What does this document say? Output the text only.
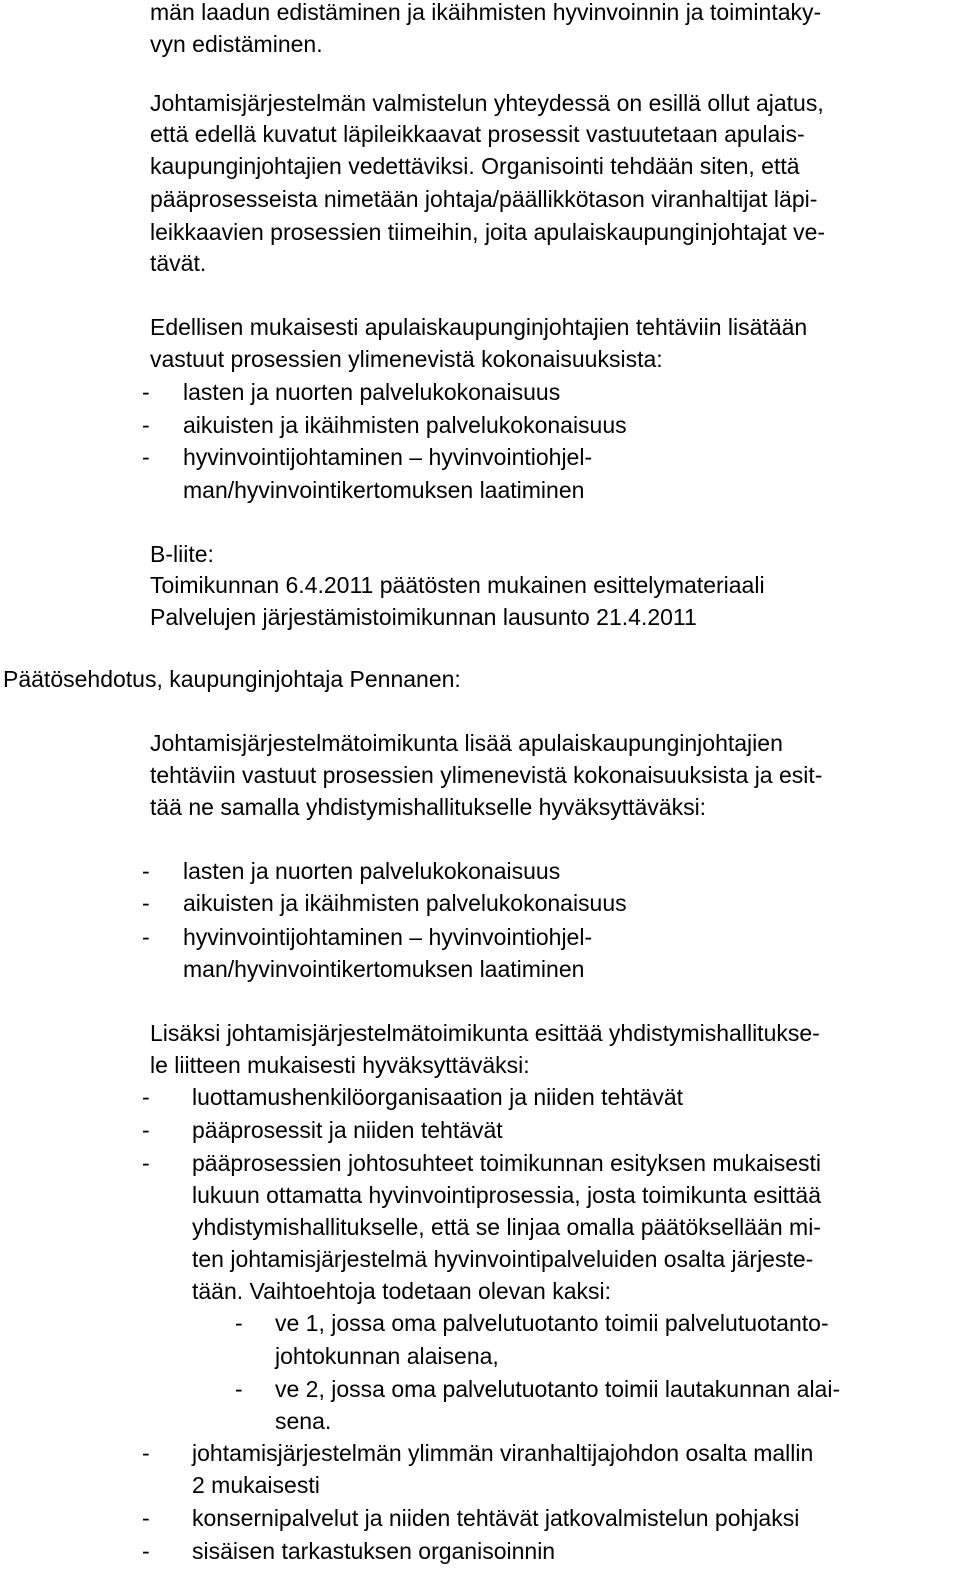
män laadun edistäminen ja ikäihmisten hyvinvoinnin ja toimintaky-

vyn edistäminen.

Johtamisjärjestelmän valmistelun yhteydessä on esillä ollut ajatus,

että edellä kuvatut läpileikkaavat prosessit vastuutetaan apulais-

kaupunginjohtajien vedettäviksi. Organisointi tehdään siten, että

pääprosesseista nimetään johtaja/päällikkötason viranhaltijat läpi-

leikkaavien prosessien tiimeihin, joita apulaiskaupunginjohtajat ve-

tävät.

Edellisen mukaisesti apulaiskaupunginjohtajien tehtäviin lisätään

vastuut prosessien ylimenevistä kokonaisuuksista:

- lasten ja nuorten palvelukokonaisuus

- aikuisten ja ikäihmisten palvelukokonaisuus

- hyvinvointijohtaminen – hyvinvointiohjel-

man/hyvinvointikertomuksen laatiminen

B-liite:

Toimikunnan 6.4.2011 päätösten mukainen esittelymateriaali

Palvelujen järjestämistoimikunnan lausunto 21.4.2011

Päätösehdotus, kaupunginjohtaja Pennanen:

Johtamisjärjestelmätoimikunta lisää apulaiskaupunginjohtajien

tehtäviin vastuut prosessien ylimenevistä kokonaisuuksista ja esit-

tää ne samalla yhdistymishallitukselle hyväksyttäväksi:

- lasten ja nuorten palvelukokonaisuus

- aikuisten ja ikäihmisten palvelukokonaisuus

- hyvinvointijohtaminen – hyvinvointiohjel-

man/hyvinvointikertomuksen laatiminen

Lisäksi johtamisjärjestelmätoimikunta esittää yhdistymishallitukse-

le liitteen mukaisesti hyväksyttäväksi:

- luottamushenkilöorganisaation ja niiden tehtävät

- pääprosessit ja niiden tehtävät

- pääprosessien johtosuhteet toimikunnan esityksen mukaisesti

lukuun ottamatta hyvinvointiprosessia, josta toimikunta esittää

yhdistymishallitukselle, että se linjaa omalla päätöksellään mi-

ten johtamisjärjestelmä hyvinvointipalveluiden osalta järjeste-

tään. Vaihtoehtoja todetaan olevan kaksi:

- ve 1, jossa oma palvelutuotanto toimii palvelutuotanto-

johtokunnan alaisena,

- ve 2, jossa oma palvelutuotanto toimii lautakunnan alai-

sena.

- johtamisjärjestelmän ylimmän viranhaltijajohdon osalta mallin

2 mukaisesti

- konsernipalvelut ja niiden tehtävät jatkovalmistelun pohjaksi

- sisäisen tarkastuksen organisoinnin
